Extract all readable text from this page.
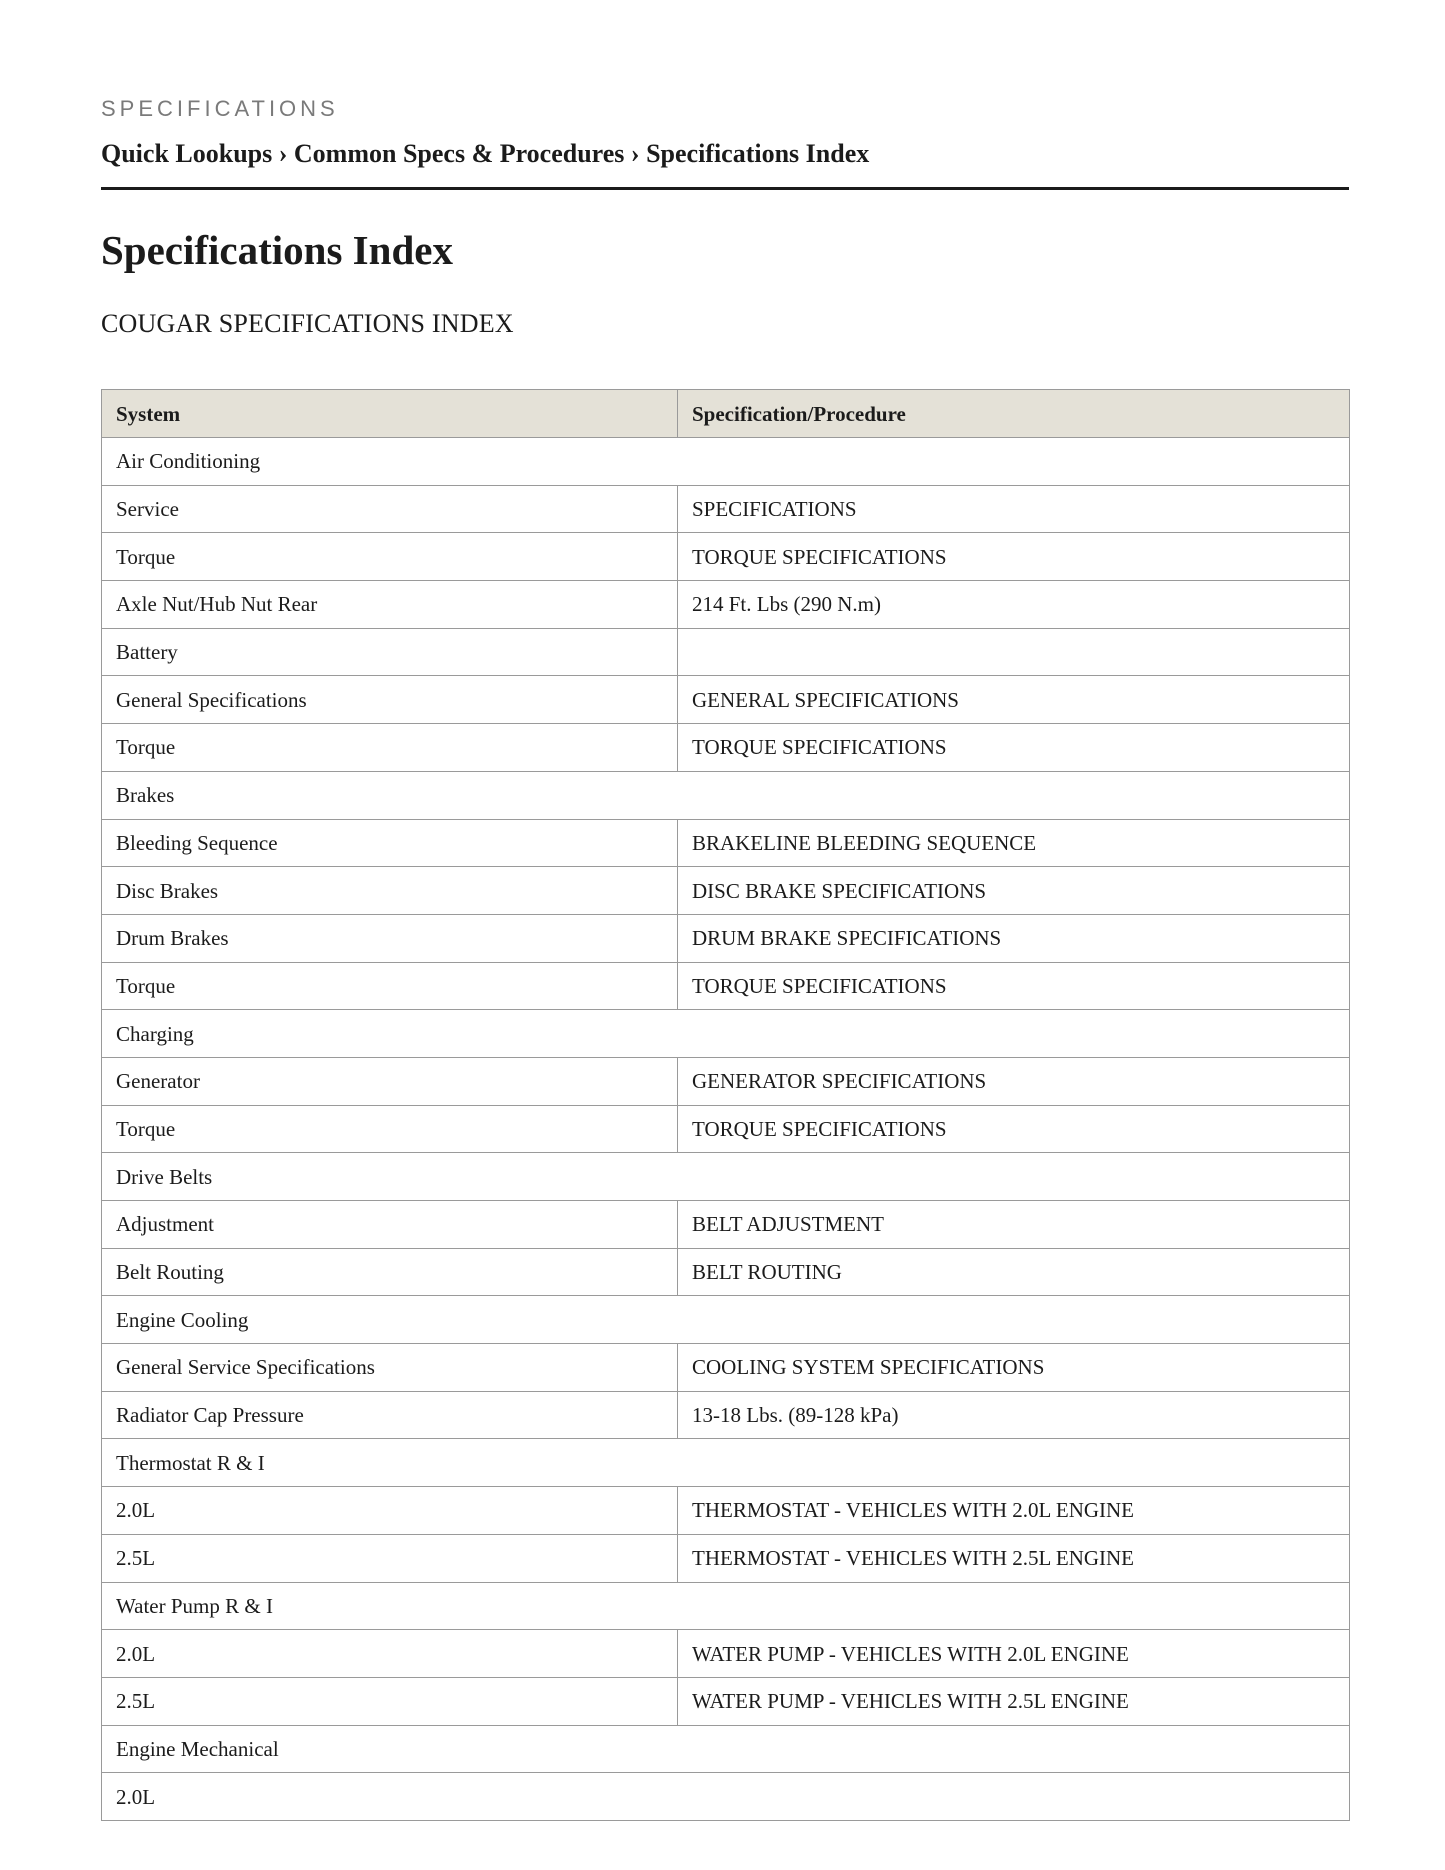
SPECIFICATIONS
Quick Lookups › Common Specs & Procedures › Specifications Index
Specifications Index
COUGAR SPECIFICATIONS INDEX
System	Specification/Procedure
Air Conditioning	
Service	SPECIFICATIONS
Torque	TORQUE SPECIFICATIONS
Axle Nut/Hub Nut Rear	214 Ft. Lbs (290 N.m)
Battery	
General Specifications	GENERAL SPECIFICATIONS
Torque	TORQUE SPECIFICATIONS
Brakes	
Bleeding Sequence	BRAKELINE BLEEDING SEQUENCE
Disc Brakes	DISC BRAKE SPECIFICATIONS
Drum Brakes	DRUM BRAKE SPECIFICATIONS
Torque	TORQUE SPECIFICATIONS
Charging	
Generator	GENERATOR SPECIFICATIONS
Torque	TORQUE SPECIFICATIONS
Drive Belts	
Adjustment	BELT ADJUSTMENT
Belt Routing	BELT ROUTING
Engine Cooling	
General Service Specifications	COOLING SYSTEM SPECIFICATIONS
Radiator Cap Pressure	13-18 Lbs. (89-128 kPa)
Thermostat R & I	
2.0L	THERMOSTAT - VEHICLES WITH 2.0L ENGINE
2.5L	THERMOSTAT - VEHICLES WITH 2.5L ENGINE
Water Pump R & I	
2.0L	WATER PUMP - VEHICLES WITH 2.0L ENGINE
2.5L	WATER PUMP - VEHICLES WITH 2.5L ENGINE
Engine Mechanical	
2.0L	
